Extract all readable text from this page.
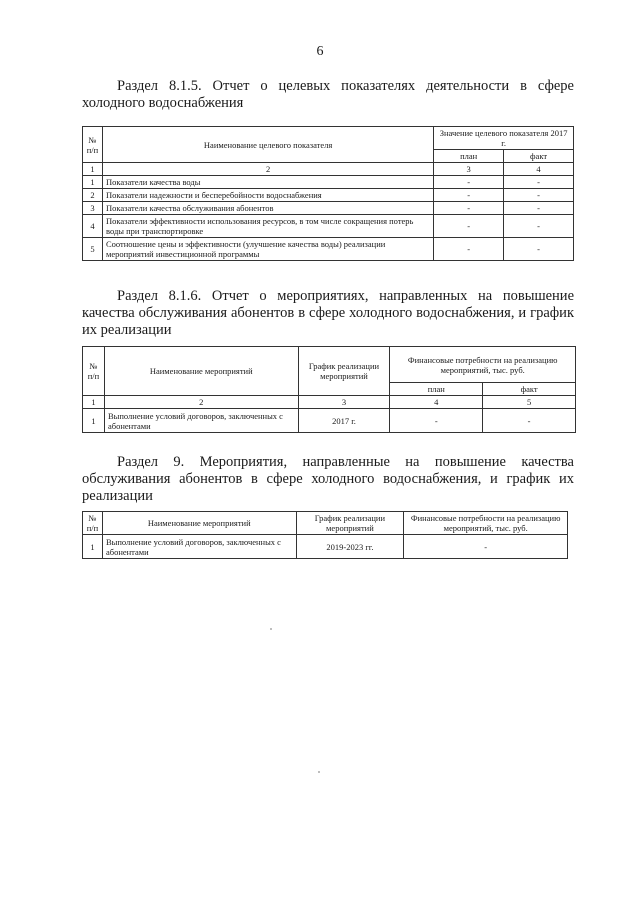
6
Раздел 8.1.5. Отчет о целевых показателях деятельности в сфере
холодного водоснабжения
№ п/п	Наименование целевого показателя	Значение целевого показателя 2017 г.	
		план	факт
1	2	3	4
1	Показатели качества воды	-	-
2	Показатели надежности и бесперебойности водоснабжения	-	-
3	Показатели качества обслуживания абонентов	-	-
4	Показатели эффективности использования ресурсов, в том числе сокращения потерь воды при транспортировке	-	-
5	Соотношение цены и эффективности (улучшение качества воды) реализации мероприятий инвестиционной программы	-	-
Раздел 8.1.6. Отчет о мероприятиях, направленных на повышение
качества обслуживания абонентов в сфере холодного водоснабжения, и график
их реализации
№ п/п	Наименование мероприятий	График реализации мероприятий	Финансовые потребности на реализацию мероприятий, тыс. руб.	
			план	факт
1	2	3	4	5
1	Выполнение условий договоров, заключенных с абонентами	2017 г.	-	-
Раздел 9. Мероприятия, направленные на повышение качества
обслуживания абонентов в сфере холодного водоснабжения, и график их
реализации
№ п/п	Наименование мероприятий	График реализации мероприятий	Финансовые потребности на реализацию мероприятий, тыс. руб.
1	Выполнение условий договоров, заключенных с абонентами	2019-2023 гг.	-
